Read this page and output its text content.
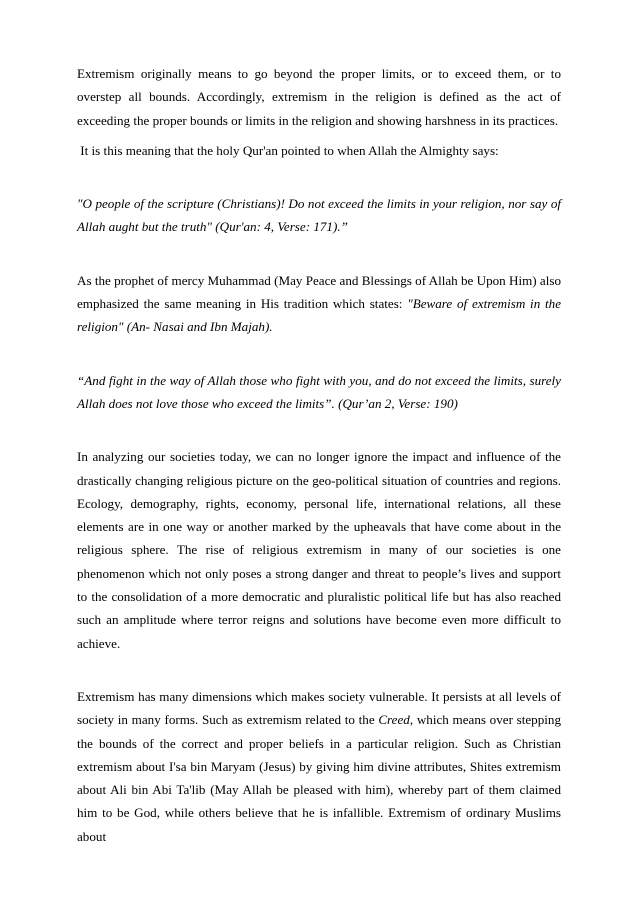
Extremism originally means to go beyond the proper limits, or to exceed them, or to overstep all bounds. Accordingly, extremism in the religion is defined as the act of exceeding the proper bounds or limits in the religion and showing harshness in its practices.

It is this meaning that the holy Qur'an pointed to when Allah the Almighty says:

"O people of the scripture (Christians)! Do not exceed the limits in your religion, nor say of Allah aught but the truth" (Qur'an: 4, Verse: 171).”

As the prophet of mercy Muhammad (May Peace and Blessings of Allah be Upon Him) also emphasized the same meaning in His tradition which states: "Beware of extremism in the religion" (An- Nasai and Ibn Majah).

“And fight in the way of Allah those who fight with you, and do not exceed the limits, surely Allah does not love those who exceed the limits”. (Qur’an 2, Verse: 190)

In analyzing our societies today, we can no longer ignore the impact and influence of the drastically changing religious picture on the geo-political situation of countries and regions. Ecology, demography, rights, economy, personal life, international relations, all these elements are in one way or another marked by the upheavals that have come about in the religious sphere. The rise of religious extremism in many of our societies is one phenomenon which not only poses a strong danger and threat to people’s lives and support to the consolidation of a more democratic and pluralistic political life but has also reached such an amplitude where terror reigns and solutions have become even more difficult to achieve.

Extremism has many dimensions which makes society vulnerable. It persists at all levels of society in many forms. Such as extremism related to the Creed, which means over stepping the bounds of the correct and proper beliefs in a particular religion. Such as Christian extremism about I'sa bin Maryam (Jesus) by giving him divine attributes, Shites extremism about Ali bin Abi Ta'lib (May Allah be pleased with him), whereby part of them claimed him to be God, while others believe that he is infallible. Extremism of ordinary Muslims about
